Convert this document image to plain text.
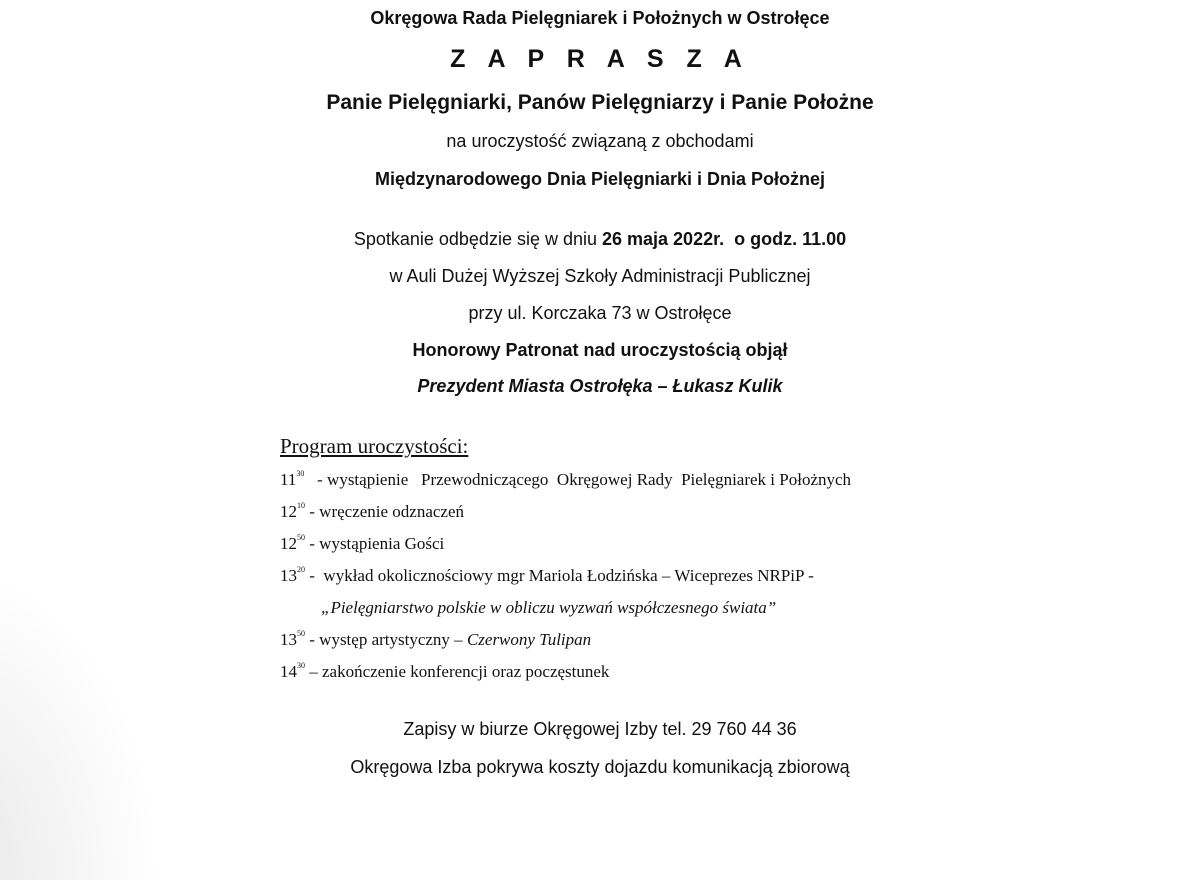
Okręgowa Rada Pielęgniarek i Położnych w Ostrołęce
Z A P R A S Z A
Panie Pielęgniarki, Panów Pielęgniarzy i Panie Położne
na uroczystość związaną z obchodami
Międzynarodowego Dnia Pielęgniarki i Dnia Położnej
Spotkanie odbędzie się w dniu 26 maja 2022r.  o godz. 11.00
w Auli Dużej Wyższej Szkoły Administracji Publicznej
przy ul. Korczaka 73 w Ostrołęce
Honorowy Patronat nad uroczystością objął
Prezydent Miasta Ostrołęka – Łukasz Kulik
Program uroczystości:
$11^{30}$   - wystąpienie   Przewodniczącego  Okręgowej Rady  Pielęgniarek i Położnych
$12^{10}$ - wręczenie odznaczeń
$12^{50}$ - wystąpienia Gości
$13^{20}$ -  wykład okolicznościowy mgr Mariola Łodzińska – Wiceprezes NRPiP -
„Pielęgniarstwo polskie w obliczu wyzwań współczesnego świata”
$13^{50}$ - występ artystyczny – Czerwony Tulipan
$14^{30}$ – zakończenie konferencji oraz poczęstunek
Zapisy w biurze Okręgowej Izby tel. 29 760 44 36
Okręgowa Izba pokrywa koszty dojazdu komunikacją zbiorową
